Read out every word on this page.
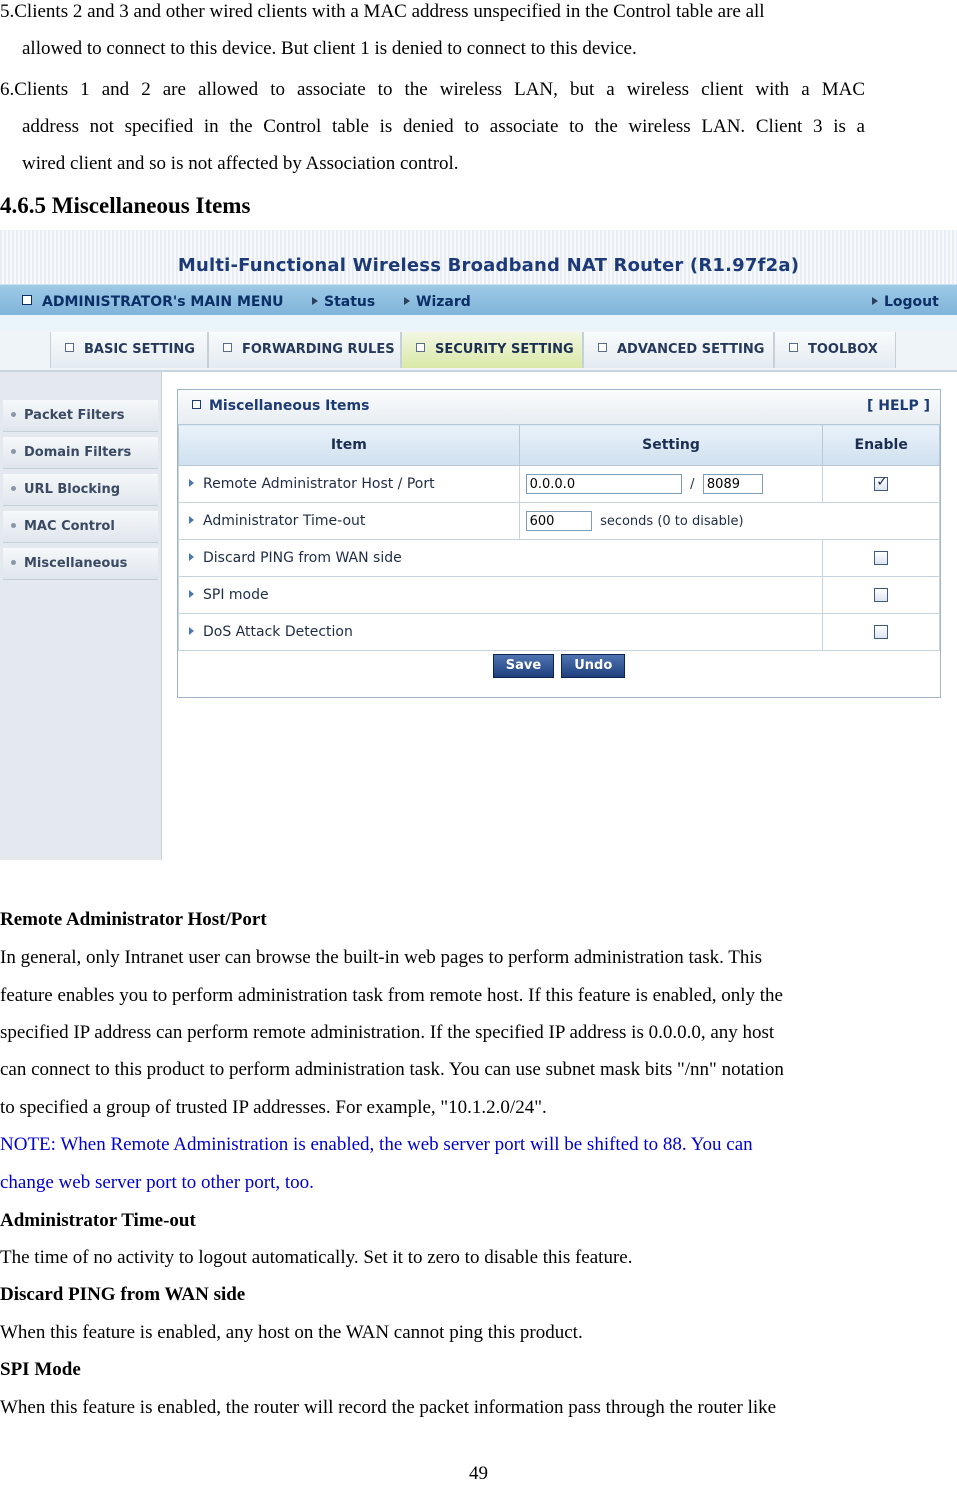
5.Clients 2 and 3 and other wired clients with a MAC address unspecified in the Control table are all

allowed to connect to this device. But client 1 is denied to connect to this device.
6.Clients 1 and 2 are allowed to associate to the wireless LAN, but a wireless client with a MAC
address not specified in the Control table is denied to associate to the wireless LAN. Client 3 is a
wired client and so is not affected by Association control.
4.6.5 Miscellaneous Items
Multi-Functional Wireless Broadband NAT Router (R1.97f2a)
ADMINISTRATOR's MAIN MENU	Status	Wizard	Logout
BASIC SETTING	FORWARDING RULES	SECURITY SETTING	ADVANCED SETTING	TOOLBOX
Packet Filters
Domain Filters
URL Blocking
MAC Control
Miscellaneous
Miscellaneous Items	[ HELP ]
Item	Setting	Enable
Remote Administrator Host / Port	0.0.0.0 / 8089	✓
Administrator Time-out	600 seconds (0 to disable)	
Discard PING from WAN side		
SPI mode		
DoS Attack Detection		
Save	Undo
Remote Administrator Host/Port
In general, only Intranet user can browse the built-in web pages to perform administration task. This
feature enables you to perform administration task from remote host. If this feature is enabled, only the
specified IP address can perform remote administration. If the specified IP address is 0.0.0.0, any host
can connect to this product to perform administration task. You can use subnet mask bits "/nn" notation
to specified a group of trusted IP addresses. For example, "10.1.2.0/24".
NOTE: When Remote Administration is enabled, the web server port will be shifted to 88. You can
change web server port to other port, too.
Administrator Time-out
The time of no activity to logout automatically. Set it to zero to disable this feature.
Discard PING from WAN side
When this feature is enabled, any host on the WAN cannot ping this product.
SPI Mode
When this feature is enabled, the router will record the packet information pass through the router like
49
